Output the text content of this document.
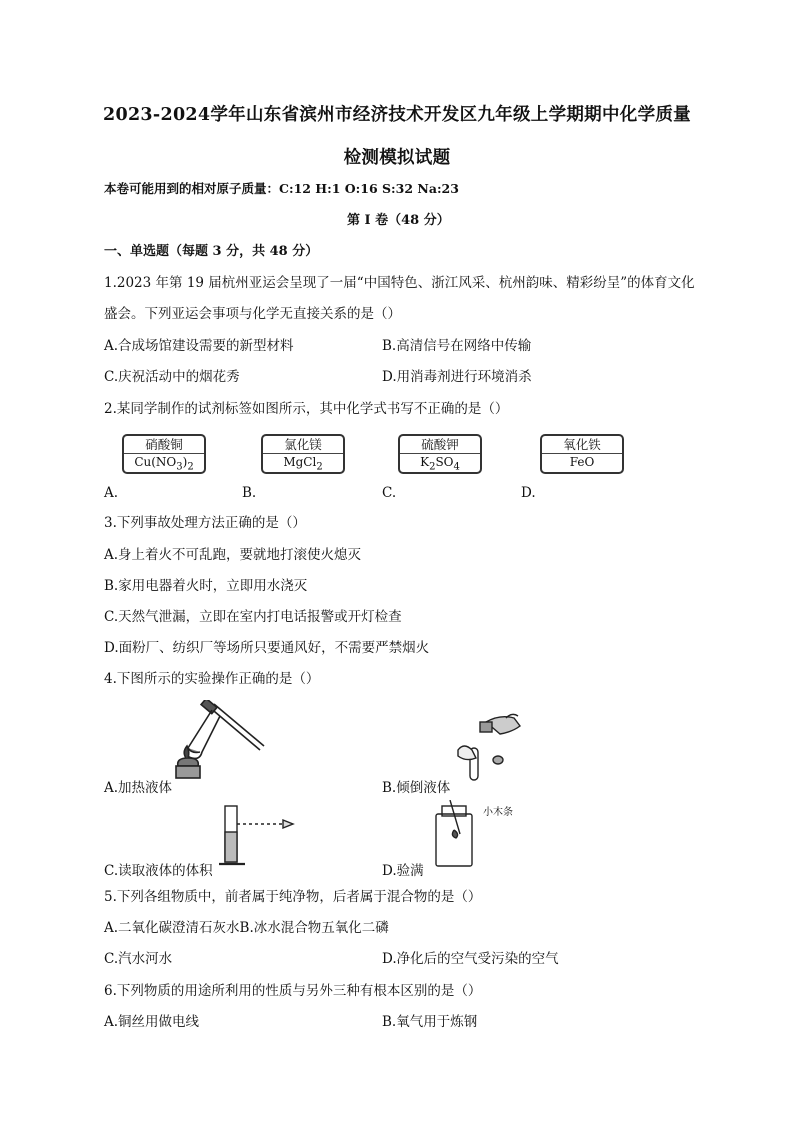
2023-2024学年山东省滨州市经济技术开发区九年级上学期期中化学质量
检测模拟试题
本卷可能用到的相对原子质量：C:12 H:1 O:16 S:32 Na:23
第 I 卷（48 分）
一、单选题（每题 3 分，共 48 分）
1.2023 年第 19 届杭州亚运会呈现了一届“中国特色、浙江风采、杭州韵味、精彩纷呈”的体育文化
盛会。下列亚运会事项与化学无直接关系的是（）
A.合成场馆建设需要的新型材料	B.高清信号在网络中传输
C.庆祝活动中的烟花秀	D.用消毒剂进行环境消杀
2.某同学制作的试剂标签如图所示，其中化学式书写不正确的是（）
A.
硝酸铜
$Cu(NO_3)_2$
B.
氯化镁
MgCl$_2$
C.
硫酸钾
$K_2SO_4$
D.
氧化铁
FeO
3.下列事故处理方法正确的是（）
A.身上着火不可乱跑，要就地打滚使火熄灭
B.家用电器着火时，立即用水浇灭
C.天然气泄漏，立即在室内打电话报警或开灯检查
D.面粉厂、纺织厂等场所只要通风好，不需要严禁烟火
4.下图所示的实验操作正确的是（）
A.加热液体	B.倾倒液体
C.读取液体的体积
小木条
D.验满
5.下列各组物质中，前者属于纯净物，后者属于混合物的是（）
A.二氧化碳澄清石灰水B.冰水混合物五氧化二磷
C.汽水河水	D.净化后的空气受污染的空气
6.下列物质的用途所利用的性质与另外三种有根本区别的是（）
A.铜丝用做电线	B.氧气用于炼钢
